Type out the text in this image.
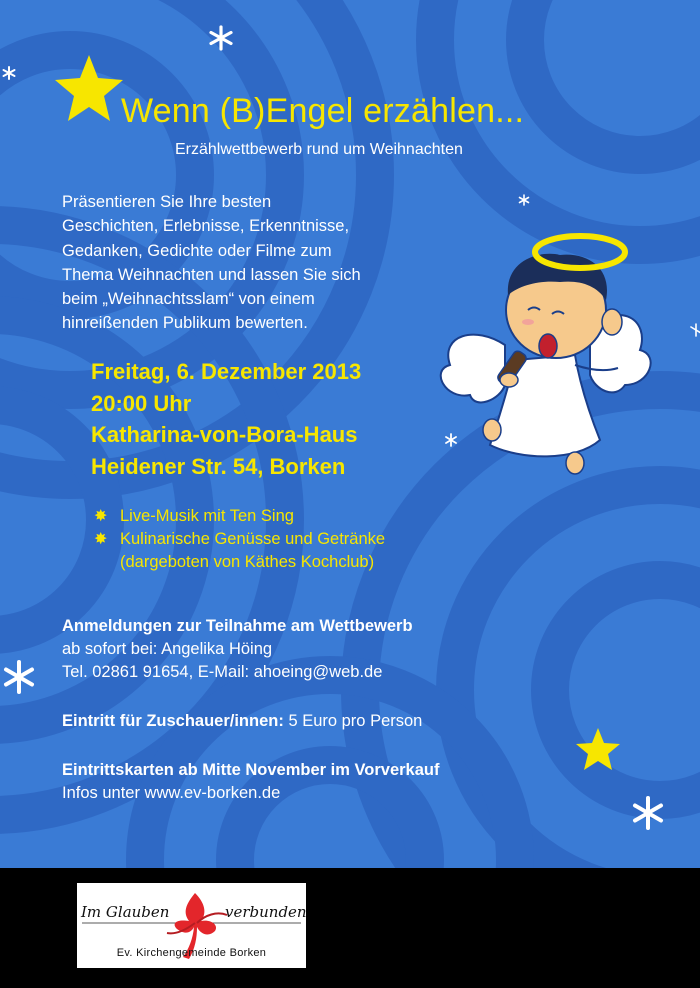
Wenn (B)Engel erzählen...
Erzählwettbewerb rund um Weihnachten
Präsentieren Sie Ihre besten
Geschichten, Erlebnisse, Erkenntnisse,
Gedanken, Gedichte oder Filme zum
Thema Weihnachten und lassen Sie sich
beim „Weihnachtsslam“ von einem
hinreißenden Publikum bewerten.
Freitag, 6. Dezember 2013
20:00 Uhr
Katharina-von-Bora-Haus
Heidener Str. 54, Borken
✸ Live-Musik mit Ten Sing
✸ Kulinarische Genüsse und Getränke
(dargeboten von Käthes Kochclub)
Anmeldungen zur Teilnahme am Wettbewerb
ab sofort bei: Angelika Höing
Tel. 02861 91654, E-Mail: ahoeing@web.de
Eintritt für Zuschauer/innen: 5 Euro pro Person
Eintrittskarten ab Mitte November im Vorverkauf
Infos unter www.ev-borken.de
Im Glauben	verbunden
Ev. Kirchengemeinde Borken
